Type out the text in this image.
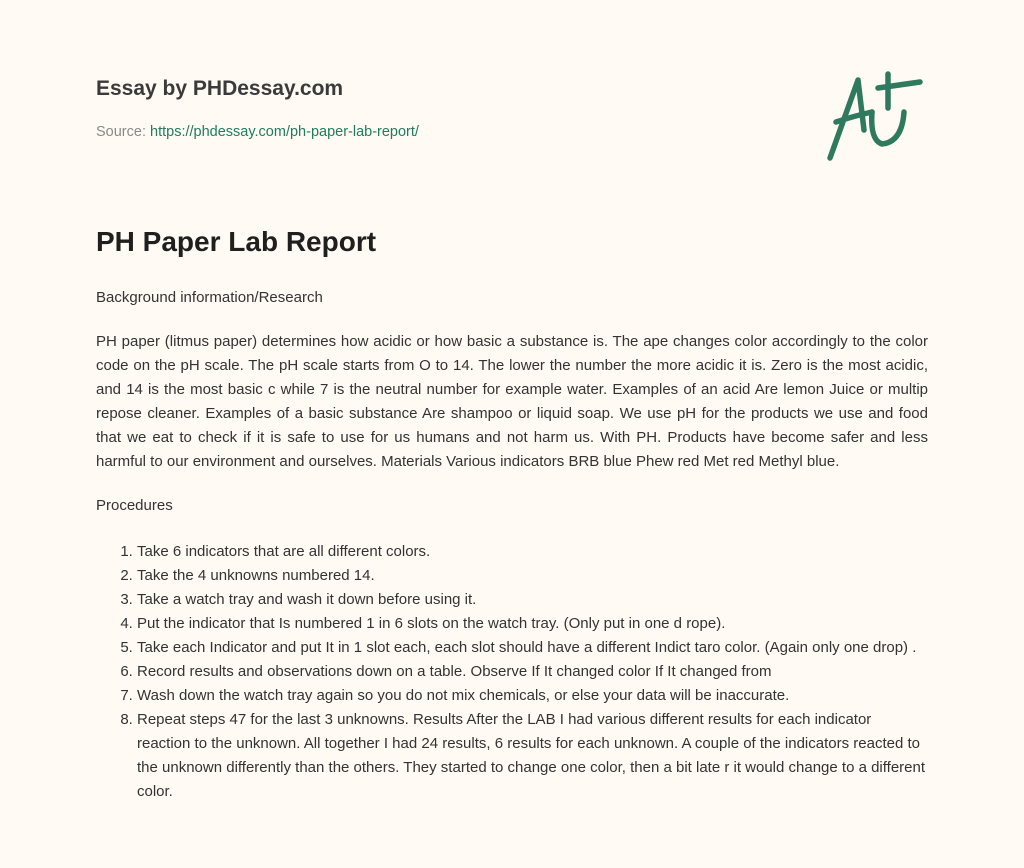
Essay by PHDessay.com
Source: https://phdessay.com/ph-paper-lab-report/
PH Paper Lab Report

Background information/Research

PH paper (litmus paper) determines how acidic or how basic a substance is. The ape changes color accordingly to the color code on the pH scale. The pH scale starts from O to 14. The lower the number the more acidic it is. Zero is the most acidic, and 14 is the most basic c while 7 is the neutral number for example water. Examples of an acid Are lemon Juice or multip repose cleaner. Examples of a basic substance Are shampoo or liquid soap. We use pH for the products we use and food that we eat to check if it is safe to use for us humans and not harm us. With PH. Products have become safer and less harmful to our environment and ourselves. Materials Various indicators BRB blue Phew red Met red Methyl blue.

Procedures

1. Take 6 indicators that are all different colors.
2. Take the 4 unknowns numbered 14.
3. Take a watch tray and wash it down before using it.
4. Put the indicator that Is numbered 1 in 6 slots on the watch tray. (Only put in one d rope).
5. Take each Indicator and put It in 1 slot each, each slot should have a different Indict taro color. (Again only one drop) .
6. Record results and observations down on a table. Observe If It changed color If It changed from
7. Wash down the watch tray again so you do not mix chemicals, or else your data will be inaccurate.
8. Repeat steps 47 for the last 3 unknowns. Results After the LAB I had various different results for each indicator reaction to the unknown. All together I had 24 results, 6 results for each unknown. A couple of the indicators reacted to the unknown differently than the others. They started to change one color, then a bit late r it would change to a different color.
